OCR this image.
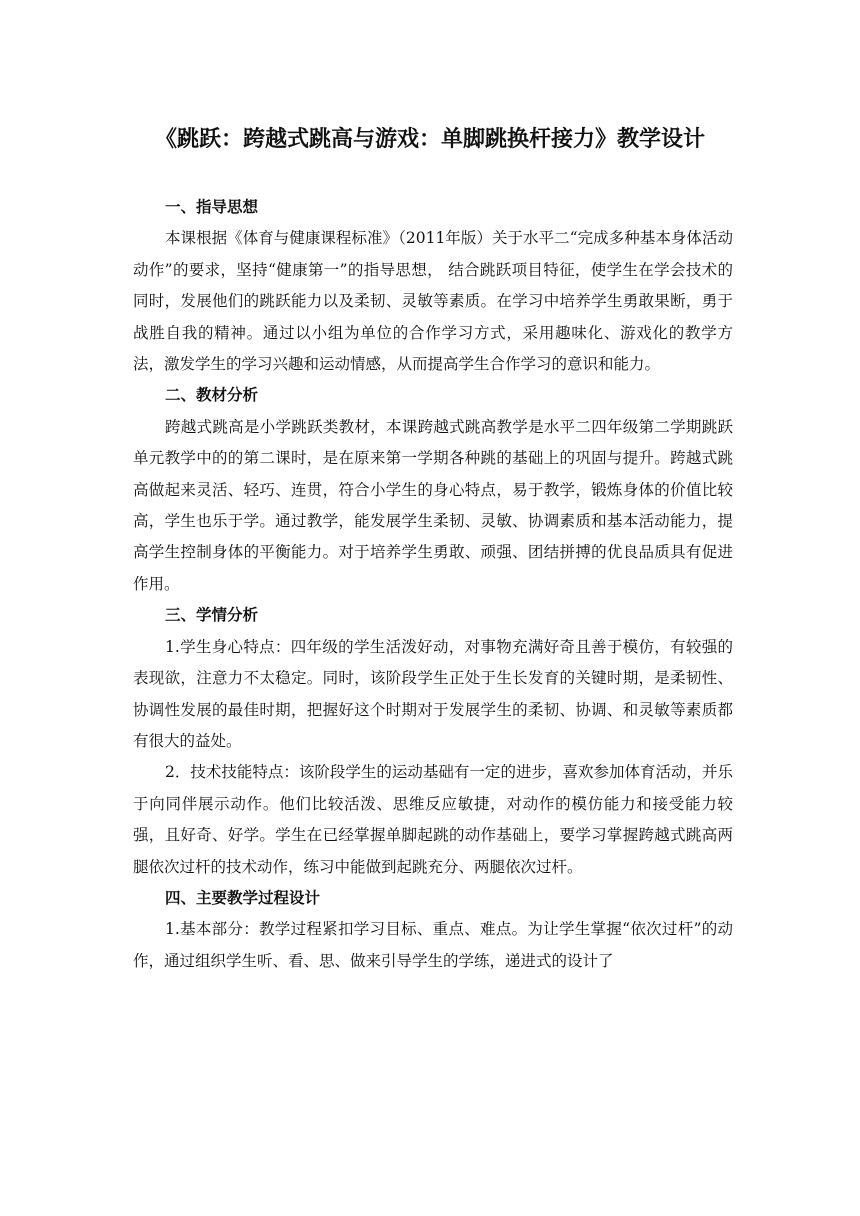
《跳跃：跨越式跳高与游戏：单脚跳换杆接力》教学设计

一、指导思想

本课根据《体育与健康课程标准》（2011年版）关于水平二“完成多种基本身体活动动作”的要求，坚持“健康第一”的指导思想， 结合跳跃项目特征，使学生在学会技术的同时，发展他们的跳跃能力以及柔韧、灵敏等素质。在学习中培养学生勇敢果断，勇于战胜自我的精神。通过以小组为单位的合作学习方式，采用趣味化、游戏化的教学方法，激发学生的学习兴趣和运动情感，从而提高学生合作学习的意识和能力。

二、教材分析

跨越式跳高是小学跳跃类教材，本课跨越式跳高教学是水平二四年级第二学期跳跃单元教学中的的第二课时，是在原来第一学期各种跳的基础上的巩固与提升。跨越式跳高做起来灵活、轻巧、连贯，符合小学生的身心特点，易于教学，锻炼身体的价值比较高，学生也乐于学。通过教学，能发展学生柔韧、灵敏、协调素质和基本活动能力，提高学生控制身体的平衡能力。对于培养学生勇敢、顽强、团结拼搏的优良品质具有促进作用。

三、学情分析

1.学生身心特点：四年级的学生活泼好动，对事物充满好奇且善于模仿，有较强的表现欲，注意力不太稳定。同时，该阶段学生正处于生长发育的关键时期，是柔韧性、协调性发展的最佳时期，把握好这个时期对于发展学生的柔韧、协调、和灵敏等素质都有很大的益处。

2．技术技能特点：该阶段学生的运动基础有一定的进步，喜欢参加体育活动，并乐于向同伴展示动作。他们比较活泼、思维反应敏捷，对动作的模仿能力和接受能力较强，且好奇、好学。学生在已经掌握单脚起跳的动作基础上，要学习掌握跨越式跳高两腿依次过杆的技术动作，练习中能做到起跳充分、两腿依次过杆。

四、主要教学过程设计

1.基本部分：教学过程紧扣学习目标、重点、难点。为让学生掌握“依次过杆”的动作，通过组织学生听、看、思、做来引导学生的学练，递进式的设计了
